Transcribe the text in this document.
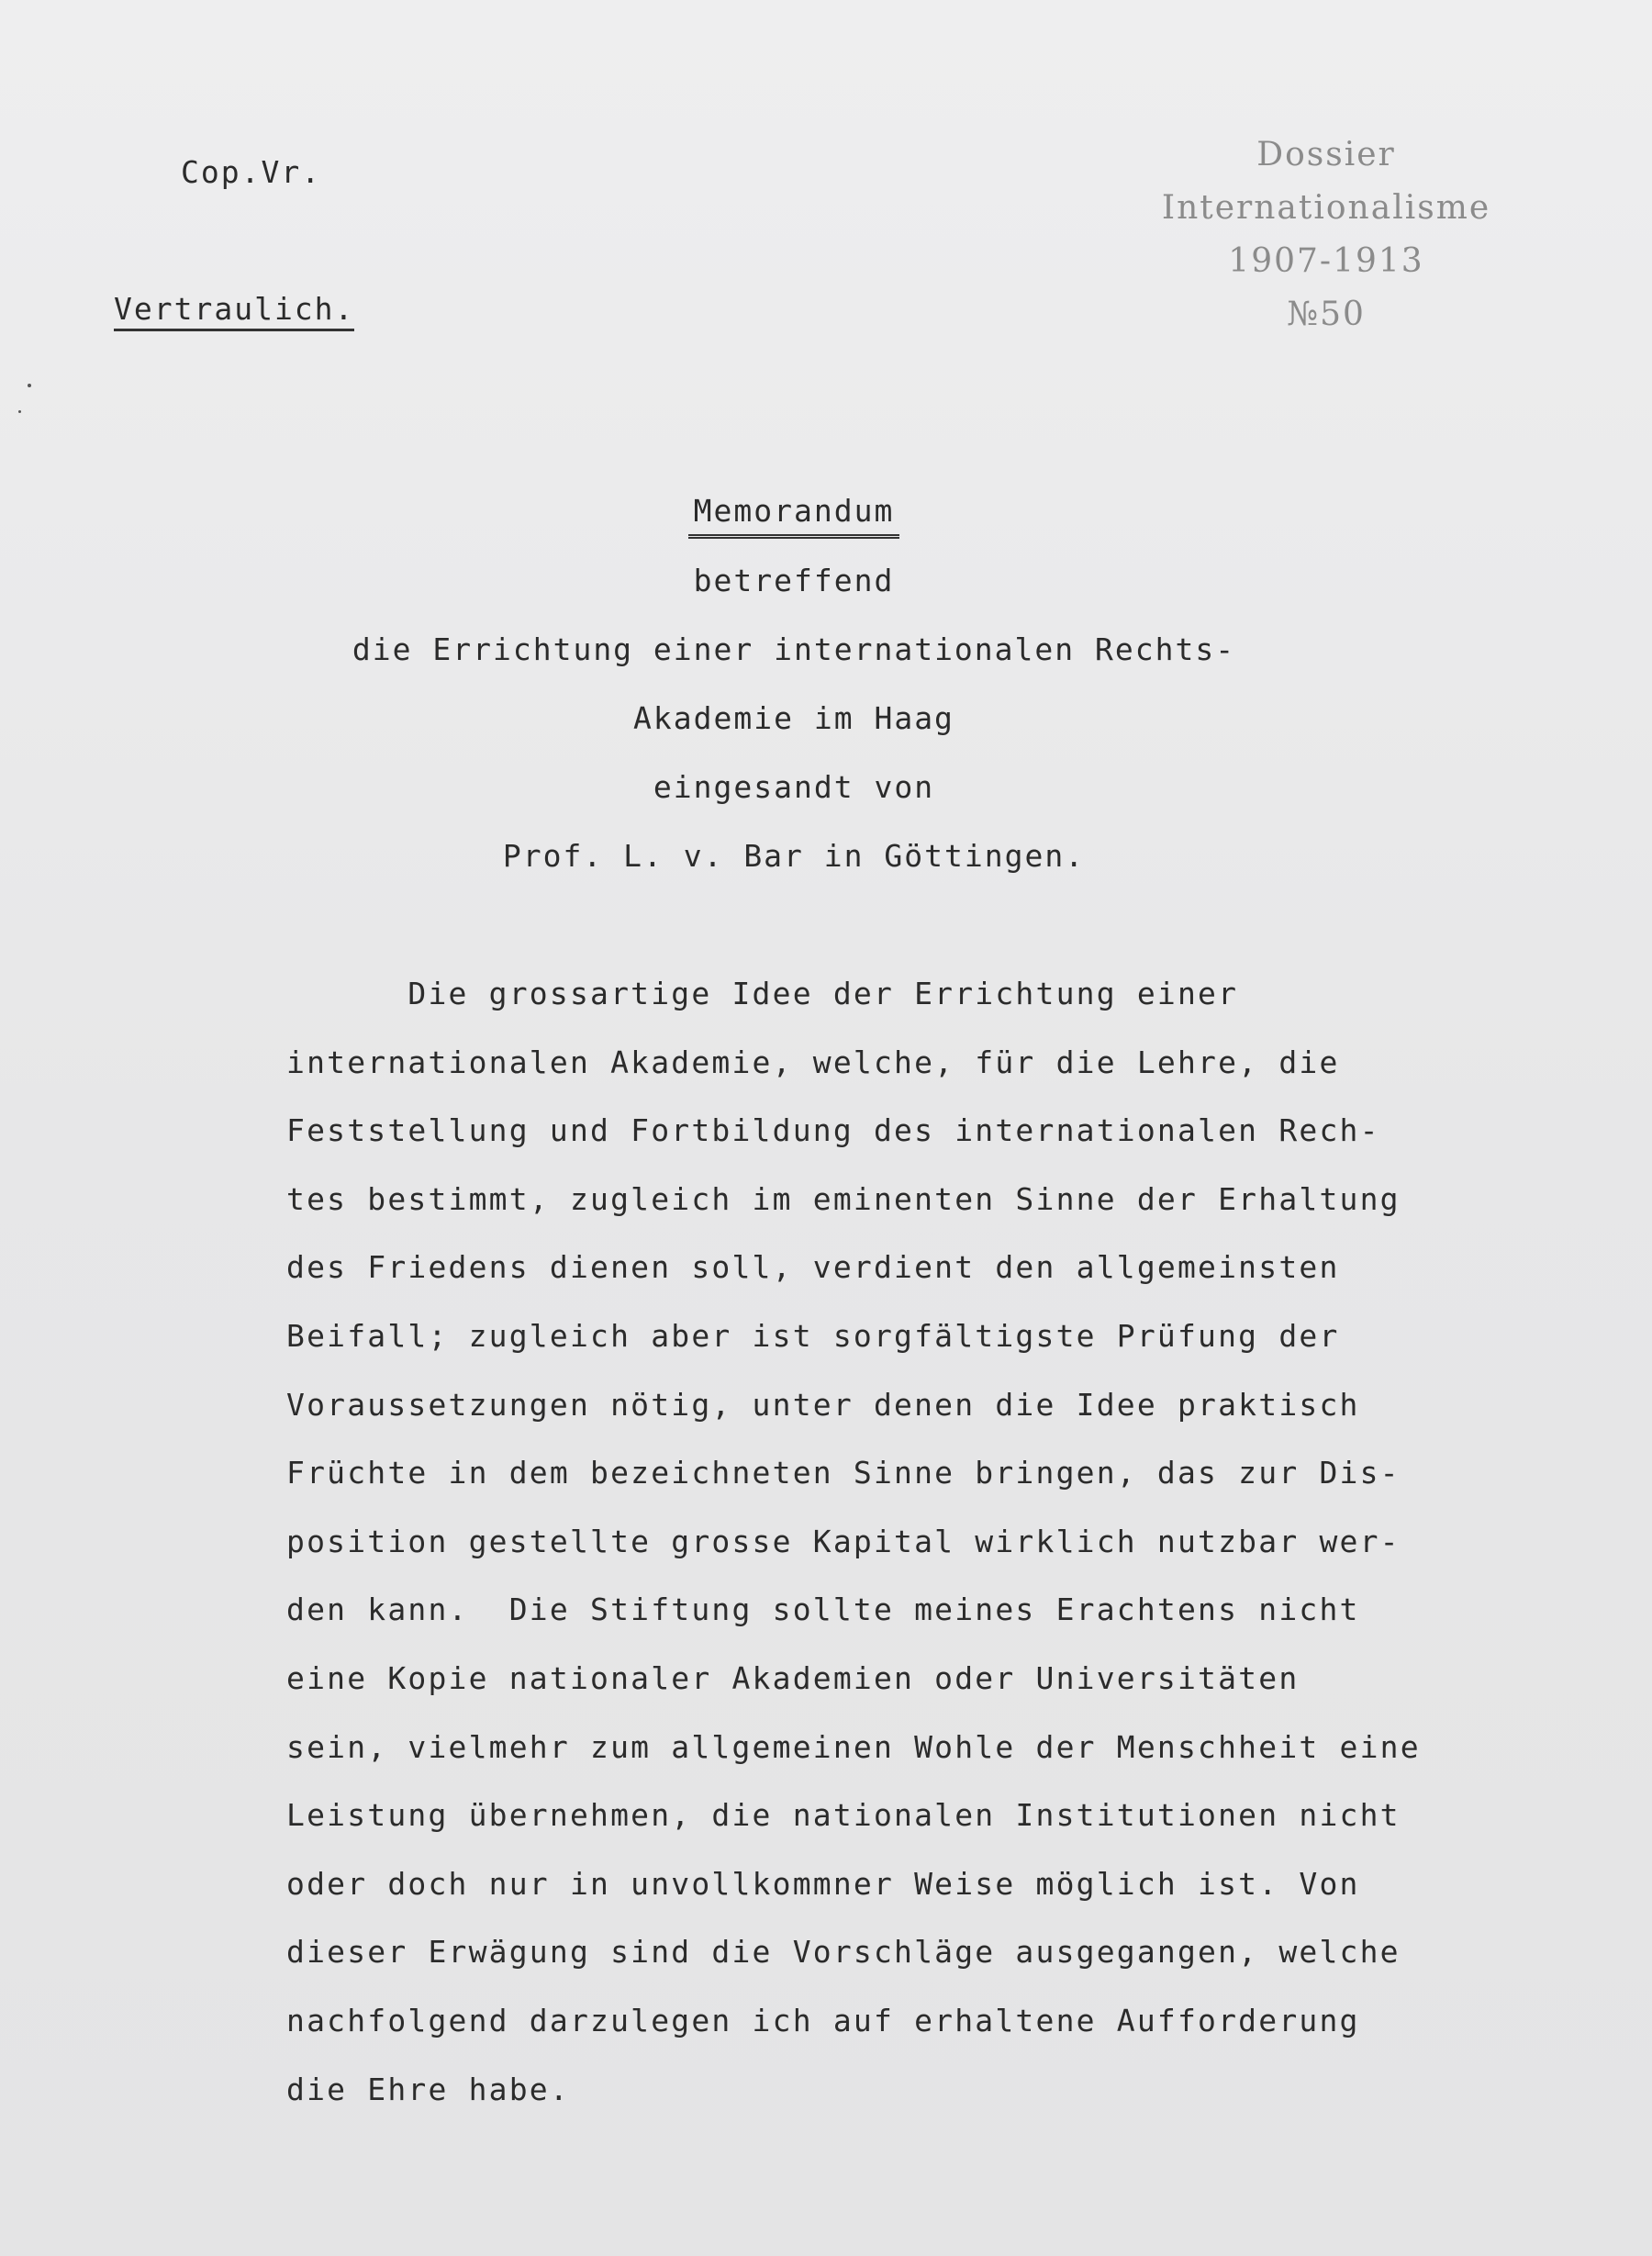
Cop.Vr.
Vertraulich.
Dossier
Internationalisme
1907-1913
№50
Memorandum
betreffend
die Errichtung einer internationalen Rechts-
Akademie im Haag
eingesandt von
Prof. L. v. Bar in Göttingen.
Die grossartige Idee der Errichtung einer
internationalen Akademie, welche, für die Lehre, die
Feststellung und Fortbildung des internationalen Rech-
tes bestimmt, zugleich im eminenten Sinne der Erhaltung
des Friedens dienen soll, verdient den allgemeinsten
Beifall; zugleich aber ist sorgfältigste Prüfung der
Voraussetzungen nötig, unter denen die Idee praktisch
Früchte in dem bezeichneten Sinne bringen, das zur Dis-
position gestellte grosse Kapital wirklich nutzbar wer-
den kann.  Die Stiftung sollte meines Erachtens nicht
eine Kopie nationaler Akademien oder Universitäten
sein, vielmehr zum allgemeinen Wohle der Menschheit eine
Leistung übernehmen, die nationalen Institutionen nicht
oder doch nur in unvollkommner Weise möglich ist. Von
dieser Erwägung sind die Vorschläge ausgegangen, welche
nachfolgend darzulegen ich auf erhaltene Aufforderung
die Ehre habe.
